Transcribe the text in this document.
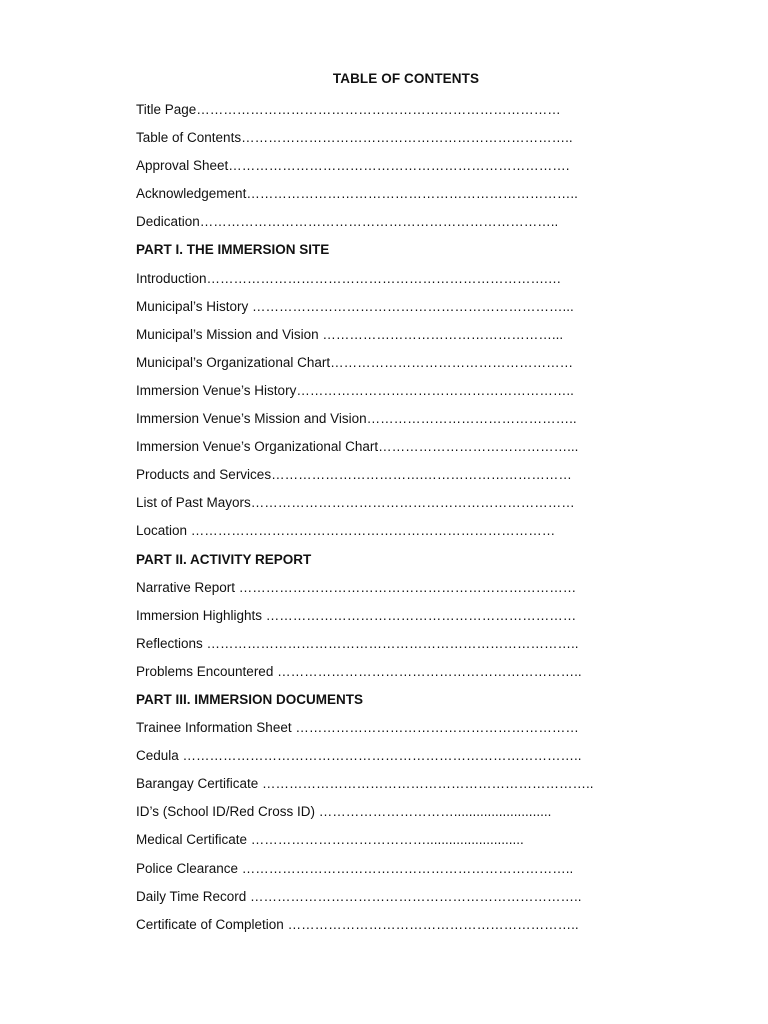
TABLE OF CONTENTS
Title Page………………………………………………………………………
Table of Contents………………………………………………………………..
Approval Sheet………………………………………………………………….
Acknowledgement………………………………………………………………..
Dedication……………………………………………………………………..
PART I. THE IMMERSION SITE
Introduction………………………………………………………………….…
Municipal’s History ……………………………………………………………...
Municipal’s Mission and Vision ……………………………………………...
Municipal’s Organizational Chart………………………………………………
Immersion Venue’s History……………………………………………………..
Immersion Venue’s Mission and Vision………………………………………..
Immersion Venue’s Organizational Chart……………………………………...
Products and Services…………………………….……………………………
List of Past Mayors………………………………………………………………
Location ………………………………………………………………………
PART II. ACTIVITY REPORT
Narrative Report …………………………………………………………………
Immersion Highlights ……………………………………………………………
Reflections ………………………………………………………………………..
Problems Encountered …………………………………………………………..
PART III. IMMERSION DOCUMENTS
Trainee Information Sheet ………………………………………………………
Cedula ……………………………………………………………………………..
Barangay Certificate ………………………………………………………………..
ID’s (School ID/Red Cross ID) …………………………..........................
Medical Certificate …………………………………..........................
Police Clearance ………………………………………………………………..
Daily Time Record ………………………………………………………………..
Certificate of Completion ………………………………………………………..
